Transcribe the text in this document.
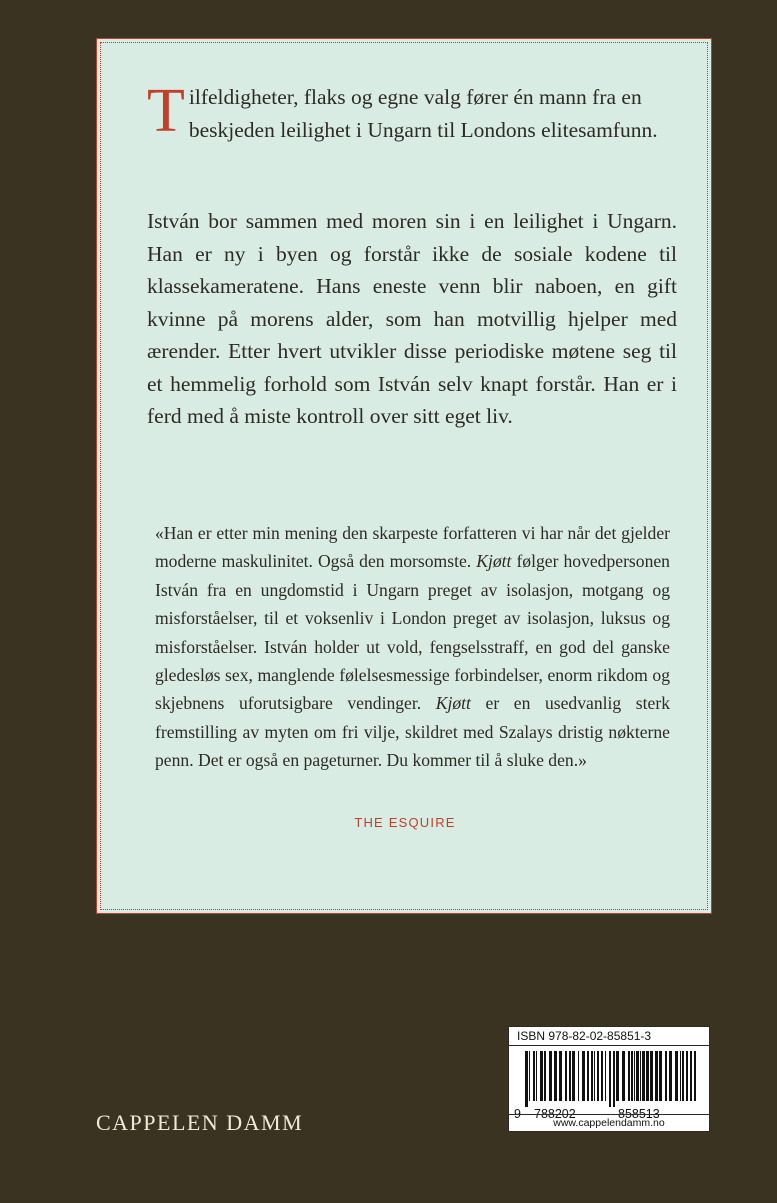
Tilfeldigheter, flaks og egne valg fører én mann fra en beskjeden leilighet i Ungarn til Londons elitesamfunn.
István bor sammen med moren sin i en leilighet i Ungarn. Han er ny i byen og forstår ikke de sosiale kodene til klassekameratene. Hans eneste venn blir naboen, en gift kvinne på morens alder, som han motvillig hjelper med ærender. Etter hvert utvikler disse periodiske møtene seg til et hemmelig forhold som István selv knapt forstår. Han er i ferd med å miste kontroll over sitt eget liv.
«Han er etter min mening den skarpeste forfatteren vi har når det gjelder moderne maskulinitet. Også den morsomste. Kjøtt følger hovedpersonen István fra en ungdomstid i Ungarn preget av isolasjon, motgang og misforståelser, til et voksenliv i London preget av isolasjon, luksus og misforståelser. István holder ut vold, fengselsstraff, en god del ganske gledesløs sex, manglende følelsesmessige forbindelser, enorm rikdom og skjebnens uforutsigbare vendinger. Kjøtt er en usedvanlig sterk fremstilling av myten om fri vilje, skildret med Szalays dristig nøkterne penn. Det er også en pageturner. Du kommer til å sluke den.»
THE ESQUIRE
CAPPELEN DAMM
ISBN 978-82-02-85851-3
9 788202	858513
www.cappelendamm.no
